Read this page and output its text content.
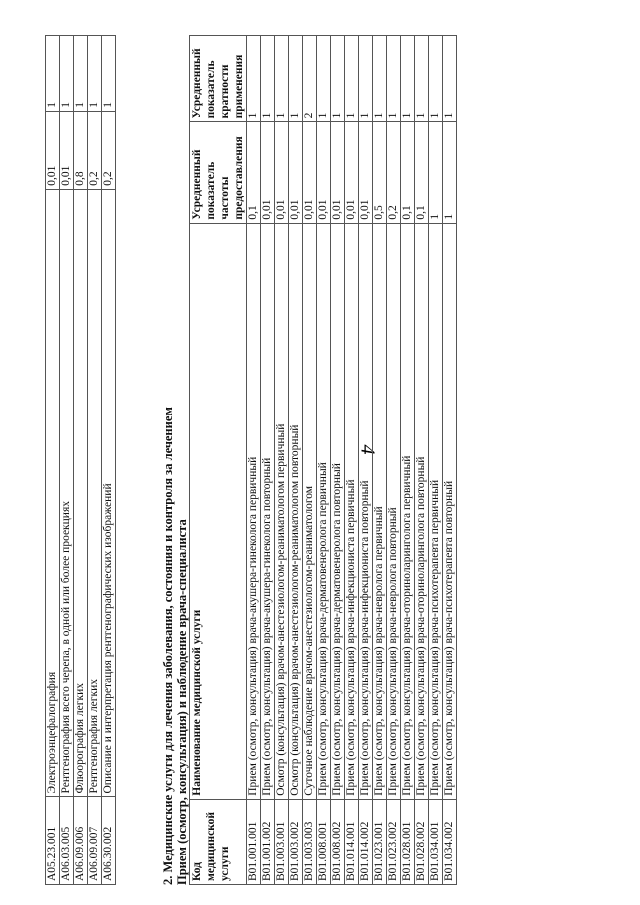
4
A05.23.001	Электроэнцефалография	0,01	1
A06.03.005	Рентгенография всего черепа, в одной или более проекциях	0,01	1
A06.09.006	Флюорография легких	0,8	1
A06.09.007	Рентгенография легких	0,2	1
A06.30.002	Описание и интерпретация рентгенографических изображений	0,2	1
2. Медицинские услуги для лечения заболевания, состояния и контроля за лечением Прием (осмотр, консультация) и наблюдение врача-специалиста Код медицинской услуги	Наименование медицинской услуги	Усредненный показатель частоты предоставления	Усредненный показатель кратности применения
B01.001.001	Прием (осмотр, консультация) врача-акушера-гинеколога первичный	0,1	1
B01.001.002	Прием (осмотр, консультация) врача-акушера-гинеколога повторный	0,01	1
B01.003.001	Осмотр (консультация) врачом-анестезиологом-реаниматологом первичный	0,01	1
B01.003.002	Осмотр (консультация) врачом-анестезиологом-реаниматологом повторный	0,01	1
B01.003.003	Суточное наблюдение врачом-анестезиологом-реаниматологом	0,01	2
B01.008.001	Прием (осмотр, консультация) врача-дерматовенеролога первичный	0,01	1
B01.008.002	Прием (осмотр, консультация) врача-дерматовенеролога повторный	0,01	1
B01.014.001	Прием (осмотр, консультация) врача-инфекциониста первичный	0,01	1
B01.014.002	Прием (осмотр, консультация) врача-инфекциониста повторный	0,01	1
B01.023.001	Прием (осмотр, консультация) врача-невролога первичный	0,5	1
B01.023.002	Прием (осмотр, консультация) врача-невролога повторный	0,2	1
B01.028.001	Прием (осмотр, консультация) врача-оториноларинголога первичный	0,1	1
B01.028.002	Прием (осмотр, консультация) врача-оториноларинголога повторный	0,1	1
B01.034.001	Прием (осмотр, консультация) врача-психотерапевта первичный	1	1
B01.034.002	Прием (осмотр, консультация) врача-психотерапевта повторный	1	1
